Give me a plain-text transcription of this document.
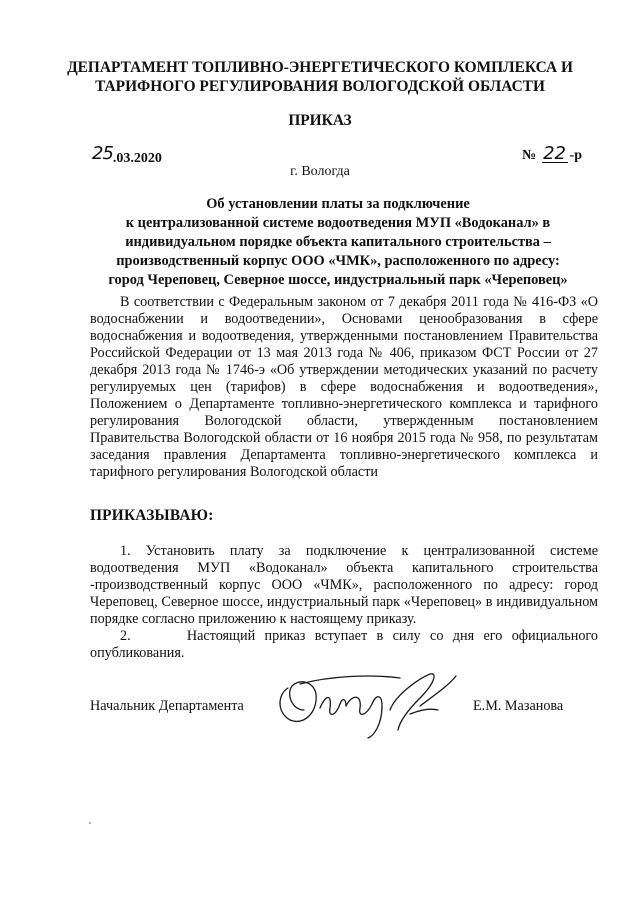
ДЕПАРТАМЕНТ ТОПЛИВНО-ЭНЕРГЕТИЧЕСКОГО КОМПЛЕКСА И
ТАРИФНОГО РЕГУЛИРОВАНИЯ ВОЛОГОДСКОЙ ОБЛАСТИ
ПРИКАЗ
25.03.2020	№ 22 -р
г. Вологда
Об установлении платы за подключение
к централизованной системе водоотведения МУП «Водоканал» в
индивидуальном порядке объекта капитального строительства –
производственный корпус ООО «ЧМК», расположенного по адресу:
город Череповец, Северное шоссе, индустриальный парк «Череповец»

В соответствии с Федеральным законом от 7 декабря 2011 года № 416-ФЗ «О водоснабжении и водоотведении», Основами ценообразования в сфере водоснабжения и водоотведения, утвержденными постановлением Правительства Российской Федерации от 13 мая 2013 года № 406, приказом ФСТ России от 27 декабря 2013 года № 1746-э «Об утверждении методических указаний по расчету регулируемых цен (тарифов) в сфере водоснабжения и водоотведения», Положением о Департаменте топливно-энергетического комплекса и тарифного регулирования Вологодской области, утвержденным постановлением Правительства Вологодской области от 16 ноября 2015 года № 958, по результатам заседания правления Департамента топливно-энергетического комплекса и тарифного регулирования Вологодской области

ПРИКАЗЫВАЮ:

1. Установить плату за подключение к централизованной системе водоотведения МУП «Водоканал» объекта капитального строительства -производственный корпус ООО «ЧМК», расположенного по адресу: город Череповец, Северное шоссе, индустриальный парк «Череповец» в индивидуальном порядке согласно приложению к настоящему приказу.

2.      Настоящий приказ вступает в силу со дня его официального опубликования.

Начальник Департамента	Е.М. Мазанова
